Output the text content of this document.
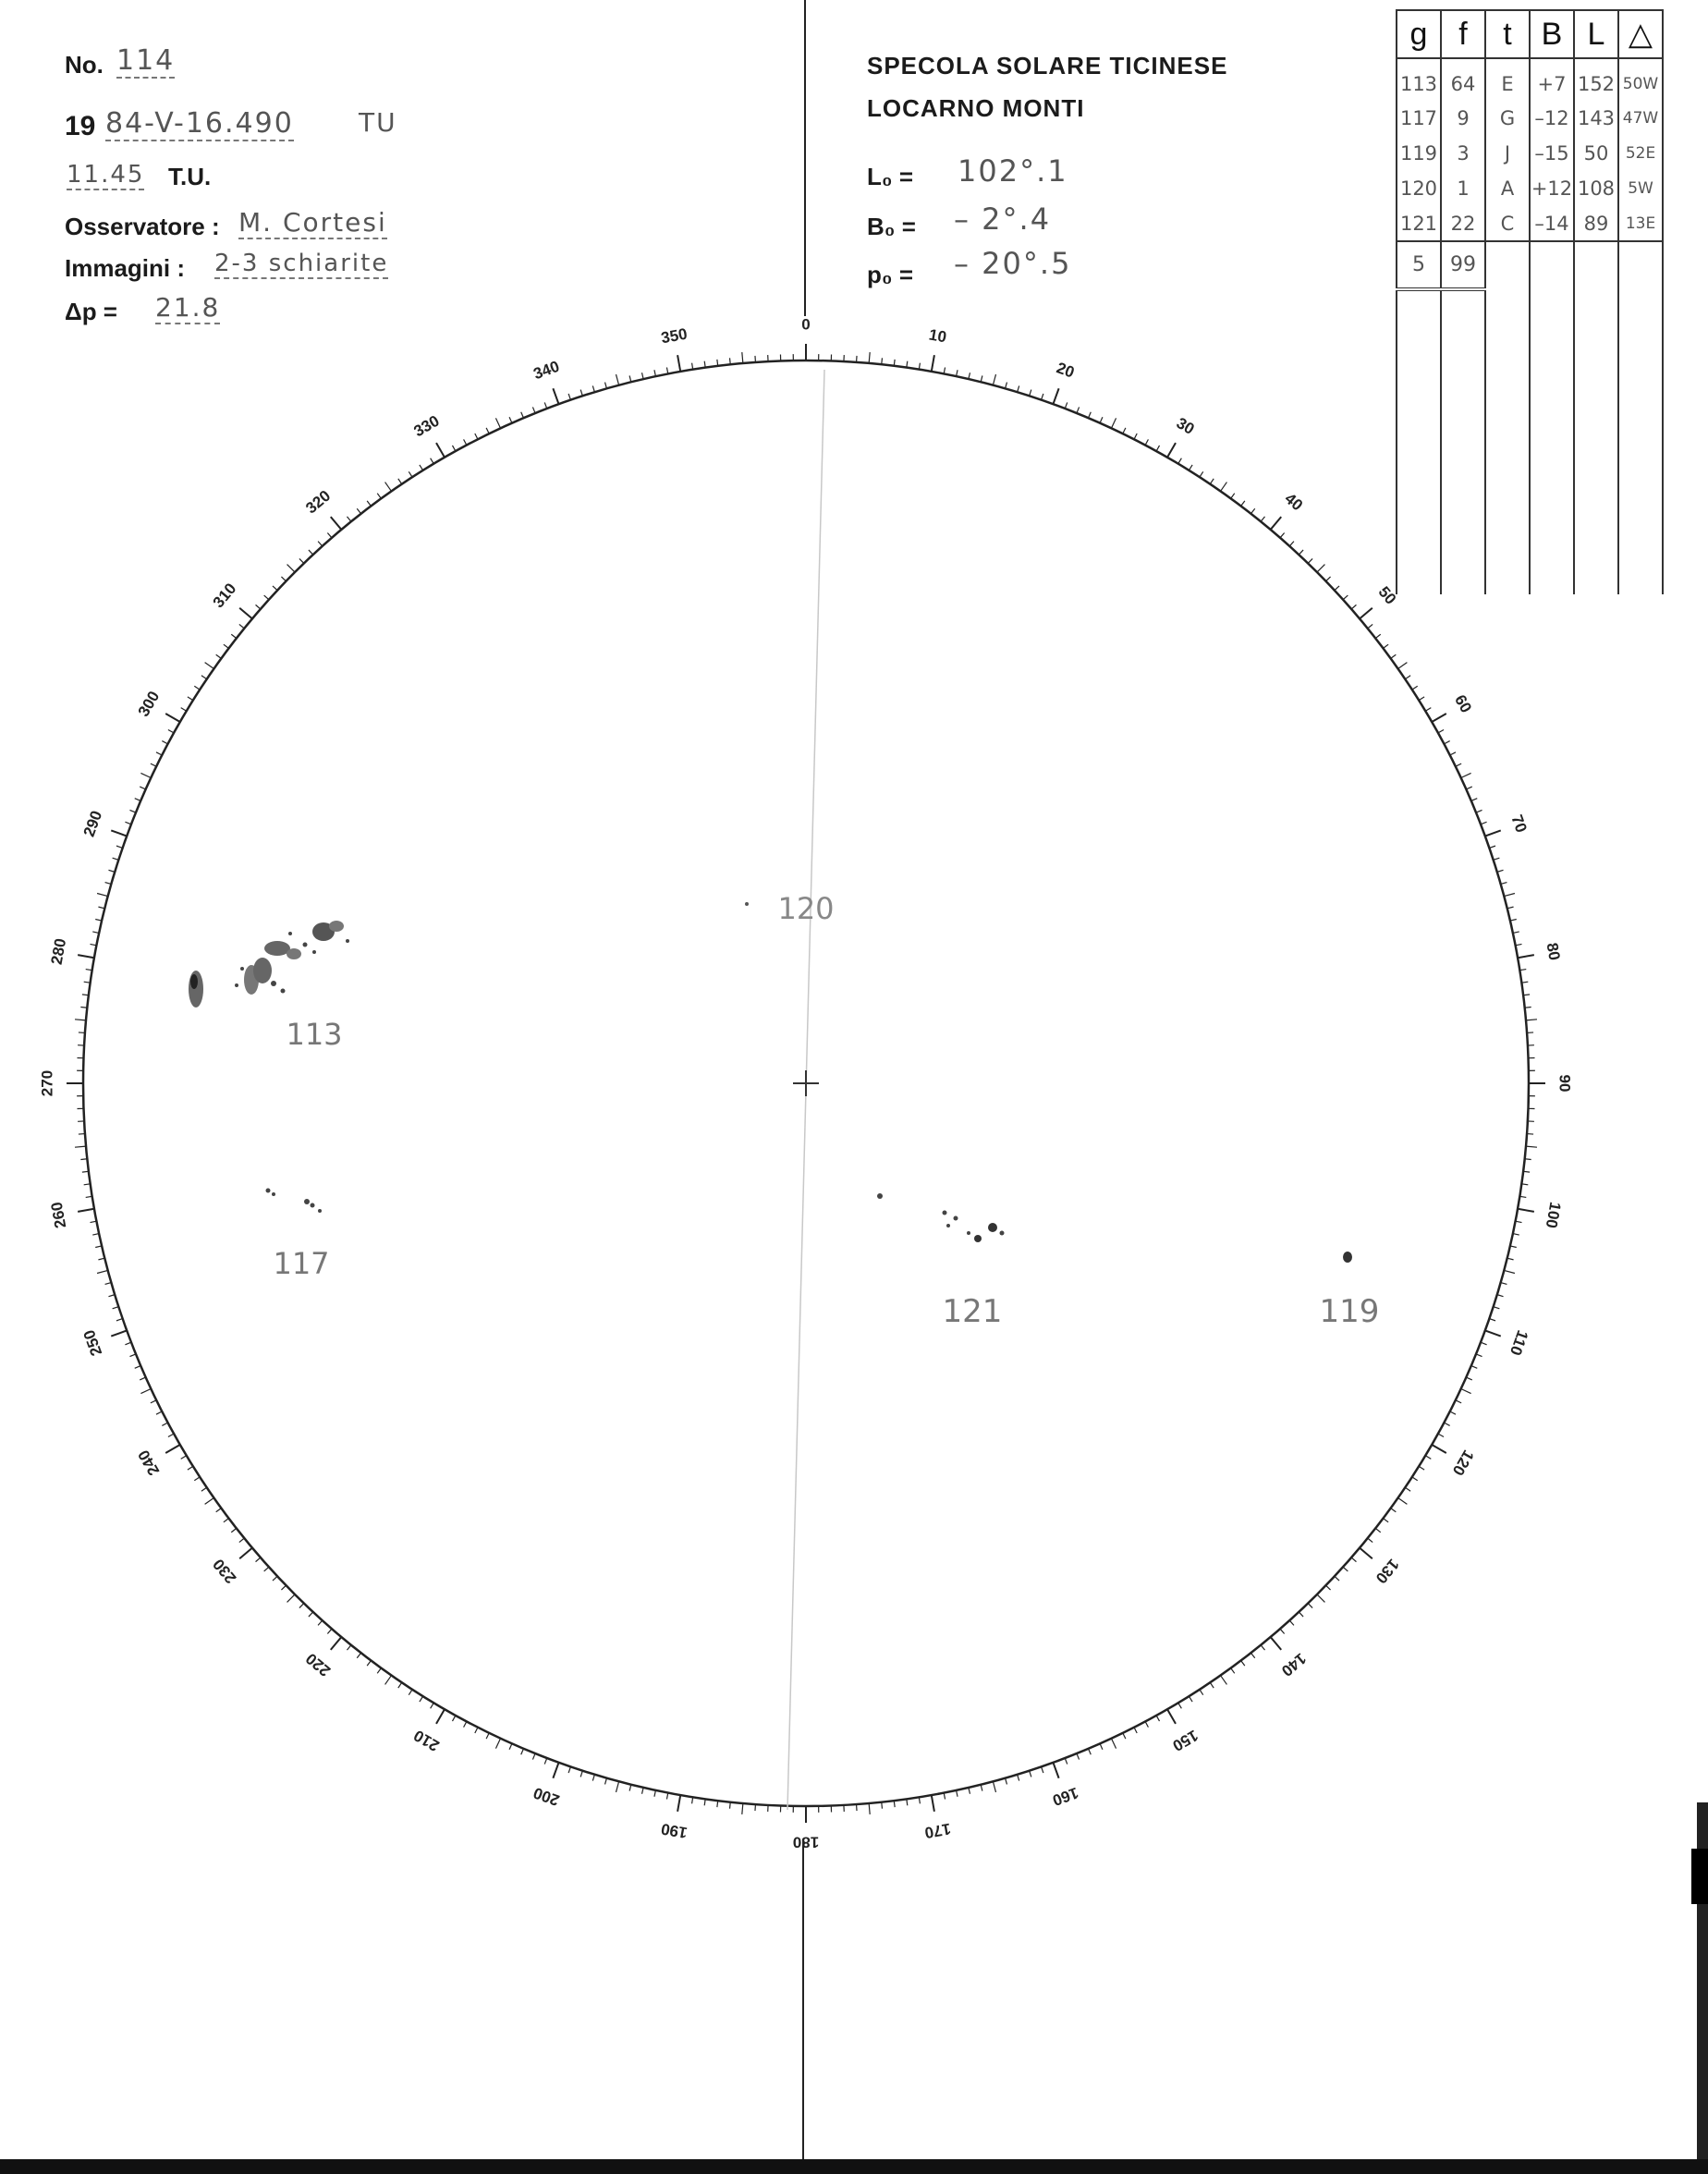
No. 114
19 84-V-16.490	TU
11.45 T.U.
Osservatore : M. Cortesi
Immagini : 2-3 schiarite
Δp = 21.8
SPECOLA SOLARE TICINESE
LOCARNO MONTI
L₀ = 102°.1
B₀ = – 2°.4
p₀ = – 20°.5
g	f	t	B	L	△
113	64	E	+7	152	50W
117	9	G	–12	143	47W
119	3	J	–15	50	52E
120	1	A	+12	108	5W
121	22	C	–14	89	13E
5	99				

0
10
20
30
40
50
60
70
80
90
100
110
120
130
140
150
160
170
180
190
200
210
220
230
240
250
260
270
280
290
300
310
320
330
340
350
113
117
121	119
120
